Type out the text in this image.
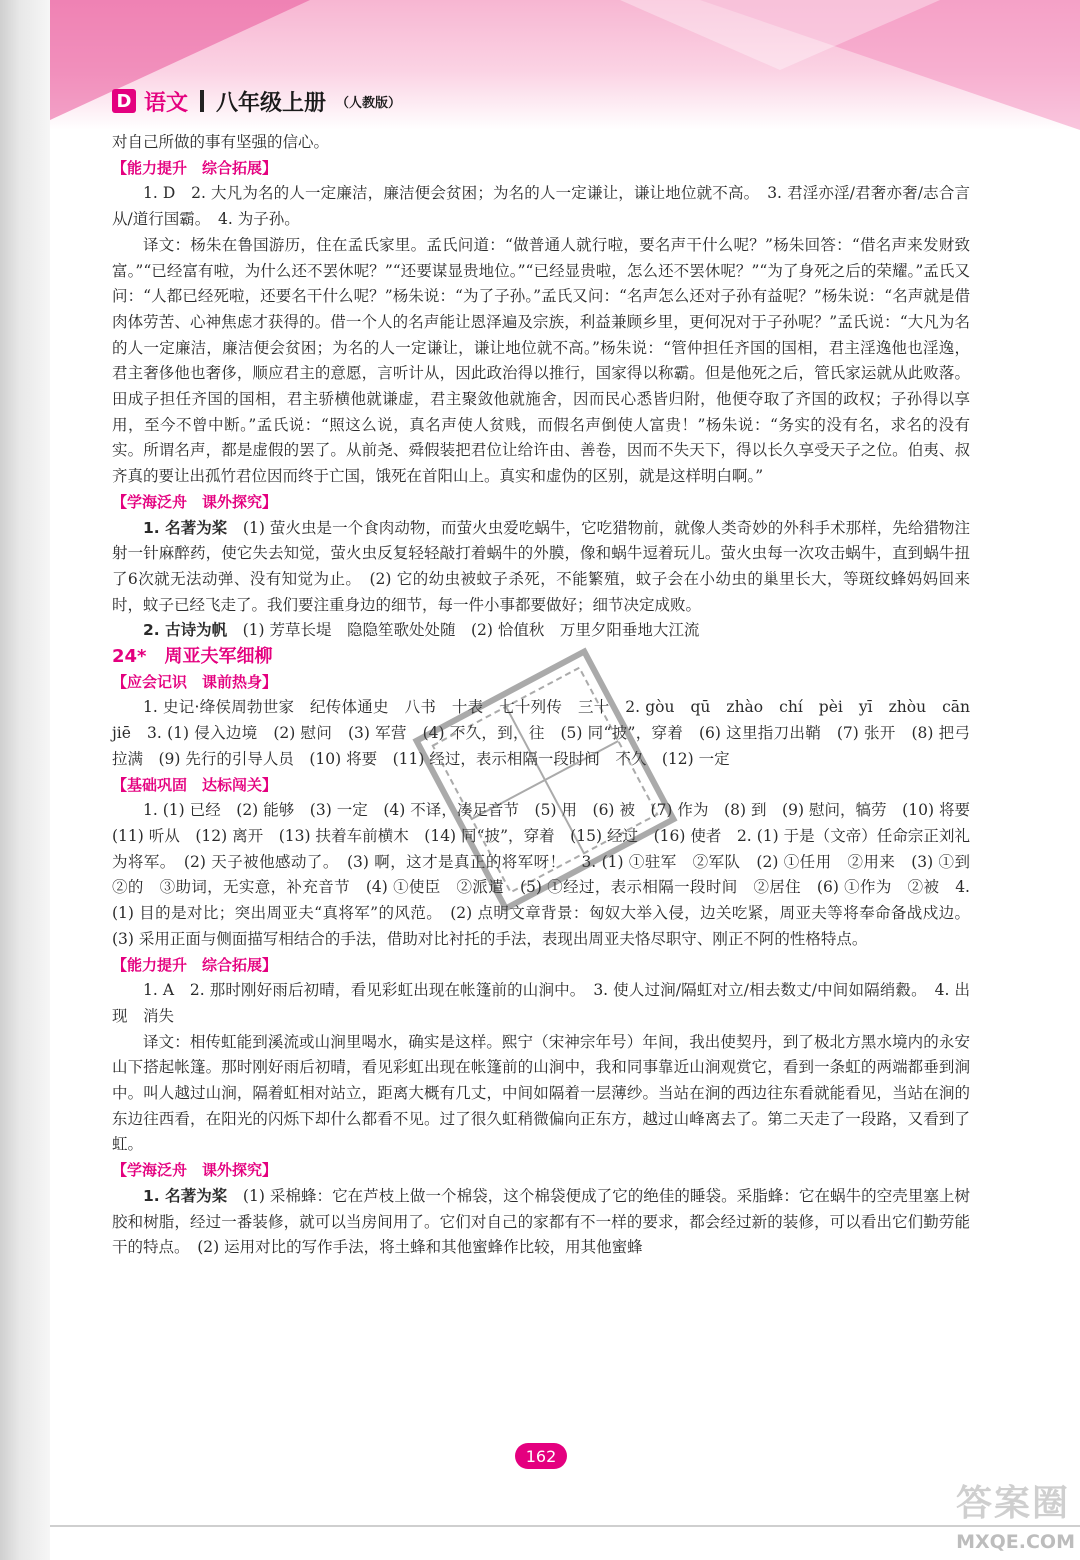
D 语文 八年级上册 （人教版）

对自己所做的事有坚强的信心。

【能力提升　综合拓展】

1. D　2. 大凡为名的人一定廉洁，廉洁便会贫困；为名的人一定谦让，谦让地位就不高。　3. 君淫亦淫/君奢亦奢/志合言从/道行国霸。　4. 为子孙。

译文：杨朱在鲁国游历，住在孟氏家里。孟氏问道：“做普通人就行啦，要名声干什么呢？”杨朱回答：“借名声来发财致富。”“已经富有啦，为什么还不罢休呢？”“还要谋显贵地位。”“已经显贵啦，怎么还不罢休呢？”“为了身死之后的荣耀。”孟氏又问：“人都已经死啦，还要名干什么呢？”杨朱说：“为了子孙。”孟氏又问：“名声怎么还对子孙有益呢？”杨朱说：“名声就是借肉体劳苦、心神焦虑才获得的。借一个人的名声能让恩泽遍及宗族，利益兼顾乡里，更何况对于子孙呢？”孟氏说：“大凡为名的人一定廉洁，廉洁便会贫困；为名的人一定谦让，谦让地位就不高。”杨朱说：“管仲担任齐国的国相，君主淫逸他也淫逸，君主奢侈他也奢侈，顺应君主的意愿，言听计从，因此政治得以推行，国家得以称霸。但是他死之后，管氏家运就从此败落。田成子担任齐国的国相，君主骄横他就谦虚，君主聚敛他就施舍，因而民心悉皆归附，他便夺取了齐国的政权；子孙得以享用，至今不曾中断。”孟氏说：“照这么说，真名声使人贫贱，而假名声倒使人富贵！”杨朱说：“务实的没有名，求名的没有实。所谓名声，都是虚假的罢了。从前尧、舜假装把君位让给许由、善卷，因而不失天下，得以长久享受天子之位。伯夷、叔齐真的要让出孤竹君位因而终于亡国，饿死在首阳山上。真实和虚伪的区别，就是这样明白啊。”

【学海泛舟　课外探究】

1. 名著为桨　(1) 萤火虫是一个食肉动物，而萤火虫爱吃蜗牛，它吃猎物前，就像人类奇妙的外科手术那样，先给猎物注射一针麻醉药，使它失去知觉，萤火虫反复轻轻敲打着蜗牛的外膜，像和蜗牛逗着玩儿。萤火虫每一次攻击蜗牛，直到蜗牛扭了6次就无法动弹、没有知觉为止。　(2) 它的幼虫被蚊子杀死，不能繁殖，蚊子会在小幼虫的巢里长大，等斑纹蜂妈妈回来时，蚊子已经飞走了。我们要注重身边的细节，每一件小事都要做好；细节决定成败。

2. 古诗为帆　(1) 芳草长堤　隐隐笙歌处处随　(2) 恰值秋　万里夕阳垂地大江流

24*　周亚夫军细柳

【应会记识　课前热身】

1. 史记·绛侯周勃世家　纪传体通史　八书　十表　七十列传　三十　2. gòu　qū　zhào　chí　pèi　yī　zhòu　cān　jiē　3. (1) 侵入边境　(2) 慰问　(3) 军营　(4) 不久，到，往　(5) 同“披”，穿着　(6) 这里指刀出鞘　(7) 张开　(8) 把弓拉满　(9) 先行的引导人员　(10) 将要　(11) 经过，表示相隔一段时间　不久　(12) 一定

【基础巩固　达标闯关】

1. (1) 已经　(2) 能够　(3) 一定　(4) 不译，凑足音节　(5) 用　(6) 被　(7) 作为　(8) 到　(9) 慰问，犒劳　(10) 将要　(11) 听从　(12) 离开　(13) 扶着车前横木　(14) 同“披”，穿着　(15) 经过　(16) 使者　2. (1) 于是（文帝）任命宗正刘礼为将军。　(2) 天子被他感动了。　(3) 啊，这才是真正的将军呀！　3. (1) ①驻军　②军队　(2) ①任用　②用来　(3) ①到　②的　③助词，无实意，补充音节　(4) ①使臣　②派遣　(5) ①经过，表示相隔一段时间　②居住　(6) ①作为　②被　4. (1) 目的是对比；突出周亚夫“真将军”的风范。　(2) 点明文章背景：匈奴大举入侵，边关吃紧，周亚夫等将奉命备战戍边。(3) 采用正面与侧面描写相结合的手法，借助对比衬托的手法，表现出周亚夫恪尽职守、刚正不阿的性格特点。

【能力提升　综合拓展】

1. A　2. 那时刚好雨后初晴，看见彩虹出现在帐篷前的山涧中。　3. 使人过涧/隔虹对立/相去数丈/中间如隔绡縠。　4. 出现　消失

译文：相传虹能到溪流或山涧里喝水，确实是这样。熙宁（宋神宗年号）年间，我出使契丹，到了极北方黑水境内的永安山下搭起帐篷。那时刚好雨后初晴，看见彩虹出现在帐篷前的山涧中，我和同事靠近山涧观赏它，看到一条虹的两端都垂到涧中。叫人越过山涧，隔着虹相对站立，距离大概有几丈，中间如隔着一层薄纱。当站在涧的西边往东看就能看见，当站在涧的东边往西看，在阳光的闪烁下却什么都看不见。过了很久虹稍微偏向正东方，越过山峰离去了。第二天走了一段路，又看到了虹。

【学海泛舟　课外探究】

1. 名著为桨　(1) 采棉蜂：它在芦枝上做一个棉袋，这个棉袋便成了它的绝佳的睡袋。采脂蜂：它在蜗牛的空壳里塞上树胶和树脂，经过一番装修，就可以当房间用了。它们对自己的家都有不一样的要求，都会经过新的装修，可以看出它们勤劳能干的特点。　(2) 运用对比的写作手法，将土蜂和其他蜜蜂作比较，用其他蜜蜂

162
答案圈
MXQE.COM
